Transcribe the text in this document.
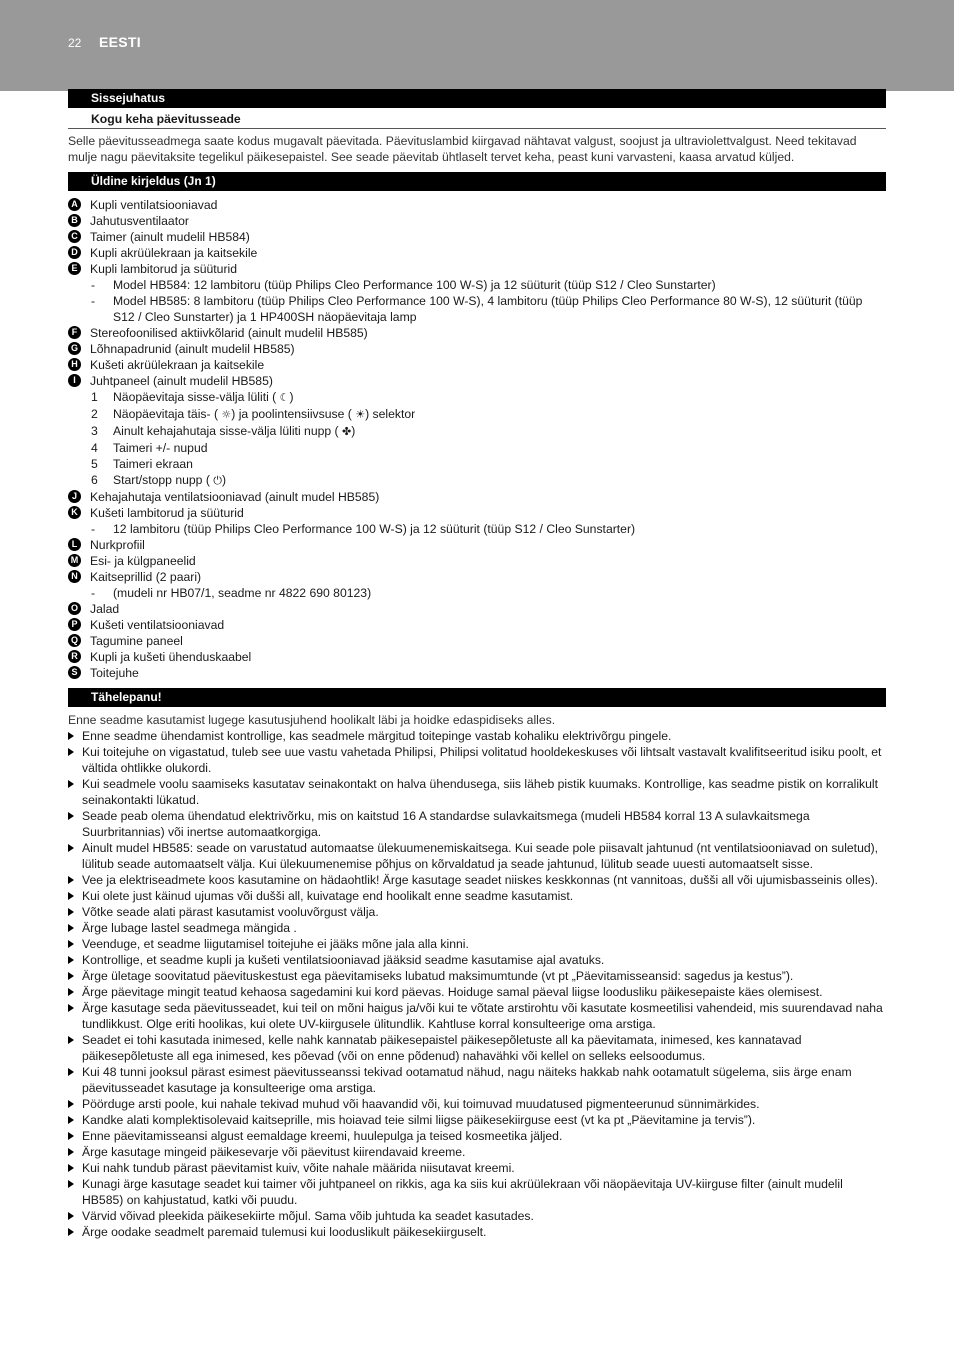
22 EESTI
Sissejuhatus
Kogu keha päevitusseade

Selle päevitusseadmega saate kodus mugavalt päevitada. Päevituslambid kiirgavad nähtavat valgust, soojust ja ultraviolettvalgust. Need tekitavad mulje nagu päevitaksite tegelikul päikesepaistel. See seade päevitab ühtlaselt tervet keha, peast kuni varvasteni, kaasa arvatud küljed.

Üldine kirjeldus (Jn 1)
A Kupli ventilatsiooniavad
B Jahutusventilaator
C Taimer (ainult mudelil HB584)
D Kupli akrüülekraan ja kaitsekile
E Kupli lambitorud ja süüturid
- Model HB584: 12 lambitoru (tüüp Philips Cleo Performance 100 W-S) ja 12 süüturit (tüüp S12 / Cleo Sunstarter)
- Model HB585: 8 lambitoru (tüüp Philips Cleo Performance 100 W-S), 4 lambitoru (tüüp Philips Cleo Performance 80 W-S), 12 süüturit (tüüp S12 / Cleo Sunstarter) ja 1 HP400SH näopäevitaja lamp
F	Stereofoonilised aktiivkõlarid (ainult mudelil HB585)
G Lõhnapadrunid (ainult mudelil HB585)
H Kušeti akrüülekraan ja kaitsekile
I	Juhtpaneel (ainult mudelil HB585)
1 Näopäevitaja sisse-välja lüliti ( ☾)
2 Näopäevitaja täis- ( ☼) ja poolintensiivsuse ( ☀) selektor
3 Ainult kehajahutaja sisse-välja lüliti nupp ( ✤)
4 Taimeri +/- nupud
5 Taimeri ekraan
6 Start/stopp nupp ( ⏻)
J	Kehajahutaja ventilatsiooniavad (ainult mudel HB585)
K Kušeti lambitorud ja süüturid
- 12 lambitoru (tüüp Philips Cleo Performance 100 W-S) ja 12 süüturit (tüüp S12 / Cleo Sunstarter)
L	Nurkprofiil
M Esi- ja külgpaneelid
N Kaitseprillid (2 paari)
- (mudeli nr HB07/1, seadme nr 4822 690 80123)
O Jalad
P Kušeti ventilatsiooniavad
Q Tagumine paneel
R Kupli ja kušeti ühenduskaabel
S Toitejuhe
Tähelepanu!

Enne seadme kasutamist lugege kasutusjuhend hoolikalt läbi ja hoidke edaspidiseks alles.

Enne seadme ühendamist kontrollige, kas seadmele märgitud toitepinge vastab kohaliku elektrivõrgu pingele.
Kui toitejuhe on vigastatud, tuleb see uue vastu vahetada Philipsi, Philipsi volitatud hooldekeskuses või lihtsalt vastavalt kvalifitseeritud isiku poolt, et vältida ohtlikke olukordi.
Kui seadmele voolu saamiseks kasutatav seinakontakt on halva ühendusega, siis läheb pistik kuumaks. Kontrollige, kas seadme pistik on korralikult seinakontakti lükatud.
Seade peab olema ühendatud elektrivõrku, mis on kaitstud 16 A standardse sulavkaitsmega (mudeli HB584 korral 13 A sulavkaitsmega Suurbritannias) või inertse automaatkorgiga.
Ainult mudel HB585: seade on varustatud automaatse ülekuumenemiskaitsega. Kui seade pole piisavalt jahtunud (nt ventilatsiooniavad on suletud), lülitub seade automaatselt välja. Kui ülekuumenemise põhjus on kõrvaldatud ja seade jahtunud, lülitub seade uuesti automaatselt sisse.
Vee ja elektriseadmete koos kasutamine on hädaohtlik! Ärge kasutage seadet niiskes keskkonnas (nt vannitoas, dušši all või ujumisbasseinis olles).
Kui olete just käinud ujumas või dušši all, kuivatage end hoolikalt enne seadme kasutamist.
Võtke seade alati pärast kasutamist vooluvõrgust välja.
Ärge lubage lastel seadmega mängida .
Veenduge, et seadme liigutamisel toitejuhe ei jääks mõne jala alla kinni.
Kontrollige, et seadme kupli ja kušeti ventilatsiooniavad jääksid seadme kasutamise ajal avatuks.
Ärge ületage soovitatud päevituskestust ega päevitamiseks lubatud maksimumtunde (vt pt „Päevitamisseansid: sagedus ja kestus”).
Ärge päevitage mingit teatud kehaosa sagedamini kui kord päevas. Hoiduge samal päeval liigse loodusliku päikesepaiste käes olemisest.
Ärge kasutage seda päevitusseadet, kui teil on mõni haigus ja/või kui te võtate arstirohtu või kasutate kosmeetilisi vahendeid, mis suurendavad naha tundlikkust. Olge eriti hoolikas, kui olete UV-kiirgusele ülitundlik. Kahtluse korral konsulteerige oma arstiga.
Seadet ei tohi kasutada inimesed, kelle nahk kannatab päikesepaistel päikesepõletuste all ka päevitamata, inimesed, kes kannatavad päikesepõletuste all ega inimesed, kes põevad (või on enne põdenud) nahavähki või kellel on selleks eelsoodumus.
Kui 48 tunni jooksul pärast esimest päevitusseanssi tekivad ootamatud nähud, nagu näiteks hakkab nahk ootamatult sügelema, siis ärge enam päevitusseadet kasutage ja konsulteerige oma arstiga.
Pöörduge arsti poole, kui nahale tekivad muhud või haavandid või, kui toimuvad muudatused pigmenteerunud sünnimärkides.
Kandke alati komplektisolevaid kaitseprille, mis hoiavad teie silmi liigse päikesekiirguse eest (vt ka pt „Päevitamine ja tervis”).
Enne päevitamisseansi algust eemaldage kreemi, huulepulga ja teised kosmeetika jäljed.
Ärge kasutage mingeid päikesevarje või päevitust kiirendavaid kreeme.
Kui nahk tundub pärast päevitamist kuiv, võite nahale määrida niisutavat kreemi.
Kunagi ärge kasutage seadet kui taimer või juhtpaneel on rikkis, aga ka siis kui akrüülekraan või näopäevitaja UV-kiirguse filter (ainult mudelil HB585) on kahjustatud, katki või puudu.
Värvid võivad pleekida päikesekiirte mõjul. Sama võib juhtuda ka seadet kasutades.
Ärge oodake seadmelt paremaid tulemusi kui looduslikult päikesekiirguselt.
